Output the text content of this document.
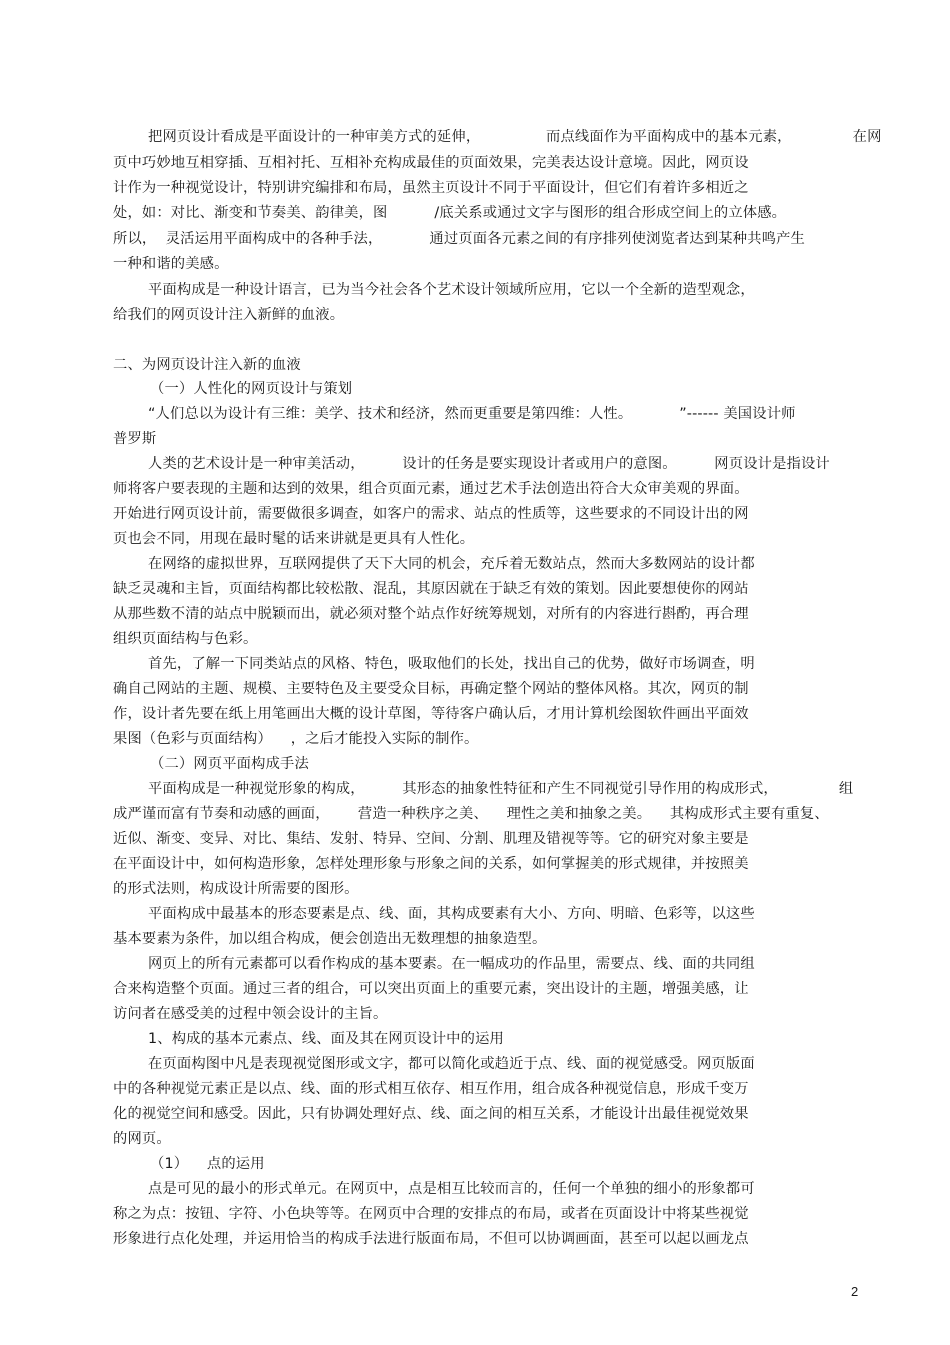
把网页设计看成是平面设计的一种审美方式的延伸，              而点线面作为平面构成中的基本元素，             在网
页中巧妙地互相穿插、互相衬托、互相补充构成最佳的页面效果，完美表达设计意境。因此，网页设
计作为一种视觉设计，特别讲究编排和布局，虽然主页设计不同于平面设计，但它们有着许多相近之
处，如：对比、渐变和节奏美、韵律美，图          /底关系或通过文字与图形的组合形成空间上的立体感。
所以，  灵活运用平面构成中的各种手法，          通过页面各元素之间的有序排列使浏览者达到某种共鸣产生
一种和谐的美感。
平面构成是一种设计语言，已为当今社会各个艺术设计领域所应用，它以一个全新的造型观念，
给我们的网页设计注入新鲜的血液。
二、为网页设计注入新的血液
（一）人性化的网页设计与策划
“人们总以为设计有三维：美学、技术和经济，然而更重要是第四维：人性。          ”------ 美国设计师
普罗斯
人类的艺术设计是一种审美活动，        设计的任务是要实现设计者或用户的意图。        网页设计是指设计
师将客户要表现的主题和达到的效果，组合页面元素，通过艺术手法创造出符合大众审美观的界面。
开始进行网页设计前，需要做很多调查，如客户的需求、站点的性质等，这些要求的不同设计出的网
页也会不同，用现在最时髦的话来讲就是更具有人性化。
在网络的虚拟世界，互联网提供了天下大同的机会，充斥着无数站点，然而大多数网站的设计都
缺乏灵魂和主旨，页面结构都比较松散、混乱，其原因就在于缺乏有效的策划。因此要想使你的网站
从那些数不清的站点中脱颖而出，就必须对整个站点作好统筹规划，对所有的内容进行斟酌，再合理
组织页面结构与色彩。
首先，了解一下同类站点的风格、特色，吸取他们的长处，找出自己的优势，做好市场调查，明
确自己网站的主题、规模、主要特色及主要受众目标，再确定整个网站的整体风格。其次，网页的制
作，设计者先要在纸上用笔画出大概的设计草图，等待客户确认后，才用计算机绘图软件画出平面效
果图（色彩与页面结构）    ，之后才能投入实际的制作。
（二）网页平面构成手法
平面构成是一种视觉形象的构成，        其形态的抽象性特征和产生不同视觉引导作用的构成形式，             组
成严谨而富有节奏和动感的画面，      营造一种秩序之美、    理性之美和抽象之美。    其构成形式主要有重复、
近似、渐变、变异、对比、集结、发射、特异、空间、分割、肌理及错视等等。它的研究对象主要是
在平面设计中，如何构造形象，怎样处理形象与形象之间的关系，如何掌握美的形式规律，并按照美
的形式法则，构成设计所需要的图形。
平面构成中最基本的形态要素是点、线、面，其构成要素有大小、方向、明暗、色彩等，以这些
基本要素为条件，加以组合构成，便会创造出无数理想的抽象造型。
网页上的所有元素都可以看作构成的基本要素。在一幅成功的作品里，需要点、线、面的共同组
合来构造整个页面。通过三者的组合，可以突出页面上的重要元素，突出设计的主题，增强美感，让
访问者在感受美的过程中领会设计的主旨。
1、构成的基本元素点、线、面及其在网页设计中的运用
在页面构图中凡是表现视觉图形或文字，都可以简化或趋近于点、线、面的视觉感受。网页版面
中的各种视觉元素正是以点、线、面的形式相互依存、相互作用，组合成各种视觉信息，形成千变万
化的视觉空间和感受。因此，只有协调处理好点、线、面之间的相互关系，才能设计出最佳视觉效果
的网页。
（1）    点的运用
点是可见的最小的形式单元。在网页中，点是相互比较而言的，任何一个单独的细小的形象都可
称之为点：按钮、字符、小色块等等。在网页中合理的安排点的布局，或者在页面设计中将某些视觉
形象进行点化处理，并运用恰当的构成手法进行版面布局，不但可以协调画面，甚至可以起以画龙点
2
